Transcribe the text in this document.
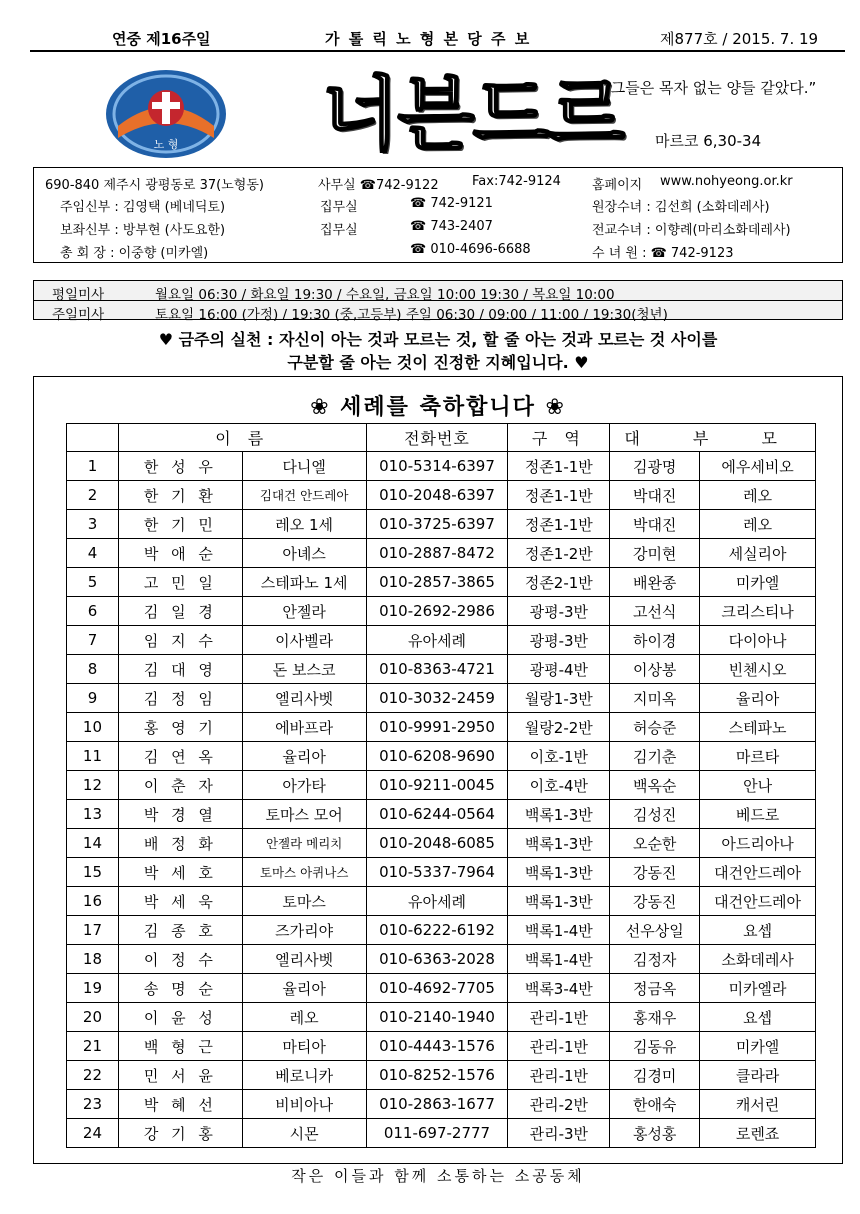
연중 제16주일	가 톨 릭 노 형 본 당 주 보	제877호 / 2015. 7. 19
노 형 너븐드르
“그들은 목자 없는 양들 같았다.”
마르코 6,30-34
690-840 제주시 광평동로 37(노형동)	사무실 ☎742-9122	Fax:742-9124 홈페이지 www.nohyeong.or.kr
주임신부 : 김영택 (베네딕토)	집무실	☎ 742-9121	원장수녀 : 김선희 (소화데레사)
보좌신부 : 방부현 (사도요한)	집무실	☎ 743-2407	전교수녀 : 이향례(마리소화데레사)
총 회 장 : 이중향 (미카엘)	☎ 010-4696-6688	수 녀 원 : ☎ 742-9123
평일미사	월요일 06:30 / 화요일 19:30 / 수요일, 금요일 10:00 19:30 / 목요일 10:00
주일미사	토요일 16:00 (가정) / 19:30 (중,고등부) 주일 06:30 / 09:00 / 11:00 / 19:30(청년)
♥ 금주의 실천 : 자신이 아는 것과 모르는 것, 할 줄 아는 것과 모르는 것 사이를
구분할 줄 아는 것이 진정한 지혜입니다. ♥
❀ 세례를 축하합니다 ❀
	이 름		전화번호	구 역	대 부 모	
1	한 성 우	다니엘	010-5314-6397	정존1-1반	김광명	에우세비오
2	한 기 환	김대건 안드레아	010-2048-6397	정존1-1반	박대진	레오
3	한 기 민	레오 1세	010-3725-6397	정존1-1반	박대진	레오
4	박 애 순	아녜스	010-2887-8472	정존1-2반	강미현	세실리아
5	고 민 일	스테파노 1세	010-2857-3865	정존2-1반	배완종	미카엘
6	김 일 경	안젤라	010-2692-2986	광평-3반	고선식	크리스티나
7	임 지 수	이사벨라	유아세례	광평-3반	하이경	다이아나
8	김 대 영	돈 보스코	010-8363-4721	광평-4반	이상봉	빈첸시오
9	김 정 임	엘리사벳	010-3032-2459	월랑1-3반	지미옥	율리아
10	홍 영 기	에바프라	010-9991-2950	월랑2-2반	허승준	스테파노
11	김 연 옥	율리아	010-6208-9690	이호-1반	김기춘	마르타
12	이 춘 자	아가타	010-9211-0045	이호-4반	백옥순	안나
13	박 경 열	토마스 모어	010-6244-0564	백록1-3반	김성진	베드로
14	배 정 화	안젤라 메리치	010-2048-6085	백록1-3반	오순한	아드리아나
15	박 세 호	토마스 아퀴나스	010-5337-7964	백록1-3반	강동진	대건안드레아
16	박 세 욱	토마스	유아세례	백록1-3반	강동진	대건안드레아
17	김 종 호	즈가리야	010-6222-6192	백록1-4반	선우상일	요셉
18	이 정 수	엘리사벳	010-6363-2028	백록1-4반	김정자	소화데레사
19	송 명 순	율리아	010-4692-7705	백록3-4반	정금옥	미카엘라
20	이 윤 성	레오	010-2140-1940	관리-1반	홍재우	요셉
21	백 형 근	마티아	010-4443-1576	관리-1반	김동유	미카엘
22	민 서 윤	베로니카	010-8252-1576	관리-1반	김경미	클라라
23	박 혜 선	비비아나	010-2863-1677	관리-2반	한애숙	캐서린
24	강 기 홍	시몬	011-697-2777	관리-3반	홍성홍	로렌죠
작은 이들과 함께 소통하는 소공동체
